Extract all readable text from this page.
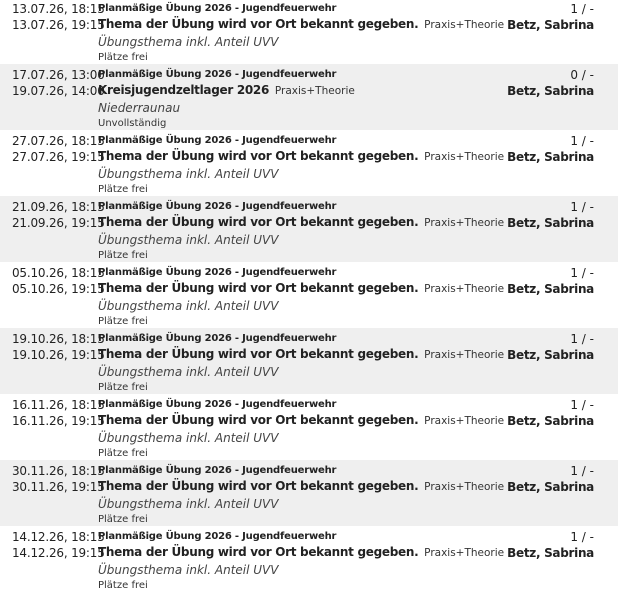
13.07.26, 18:15
13.07.26, 19:15
Planmäßige Übung 2026 - Jugendfeuerwehr
Thema der Übung wird vor Ort bekannt gegeben. Praxis+Theorie
Übungsthema inkl. Anteil UVV
Plätze frei
1 / -
Betz, Sabrina
17.07.26, 13:00
19.07.26, 14:00
Planmäßige Übung 2026 - Jugendfeuerwehr
Kreisjugendzeltlager 2026 Praxis+Theorie
Niederraunau
Unvollständig
0 / -
Betz, Sabrina
27.07.26, 18:15
27.07.26, 19:15
Planmäßige Übung 2026 - Jugendfeuerwehr
Thema der Übung wird vor Ort bekannt gegeben. Praxis+Theorie
Übungsthema inkl. Anteil UVV
Plätze frei
1 / -
Betz, Sabrina
21.09.26, 18:15
21.09.26, 19:15
Planmäßige Übung 2026 - Jugendfeuerwehr
Thema der Übung wird vor Ort bekannt gegeben. Praxis+Theorie
Übungsthema inkl. Anteil UVV
Plätze frei
1 / -
Betz, Sabrina
05.10.26, 18:15
05.10.26, 19:15
Planmäßige Übung 2026 - Jugendfeuerwehr
Thema der Übung wird vor Ort bekannt gegeben. Praxis+Theorie
Übungsthema inkl. Anteil UVV
Plätze frei
1 / -
Betz, Sabrina
19.10.26, 18:15
19.10.26, 19:15
Planmäßige Übung 2026 - Jugendfeuerwehr
Thema der Übung wird vor Ort bekannt gegeben. Praxis+Theorie
Übungsthema inkl. Anteil UVV
Plätze frei
1 / -
Betz, Sabrina
16.11.26, 18:15
16.11.26, 19:15
Planmäßige Übung 2026 - Jugendfeuerwehr
Thema der Übung wird vor Ort bekannt gegeben. Praxis+Theorie
Übungsthema inkl. Anteil UVV
Plätze frei
1 / -
Betz, Sabrina
30.11.26, 18:15
30.11.26, 19:15
Planmäßige Übung 2026 - Jugendfeuerwehr
Thema der Übung wird vor Ort bekannt gegeben. Praxis+Theorie
Übungsthema inkl. Anteil UVV
Plätze frei
1 / -
Betz, Sabrina
14.12.26, 18:15
14.12.26, 19:15
Planmäßige Übung 2026 - Jugendfeuerwehr
Thema der Übung wird vor Ort bekannt gegeben. Praxis+Theorie
Übungsthema inkl. Anteil UVV
Plätze frei
1 / -
Betz, Sabrina
